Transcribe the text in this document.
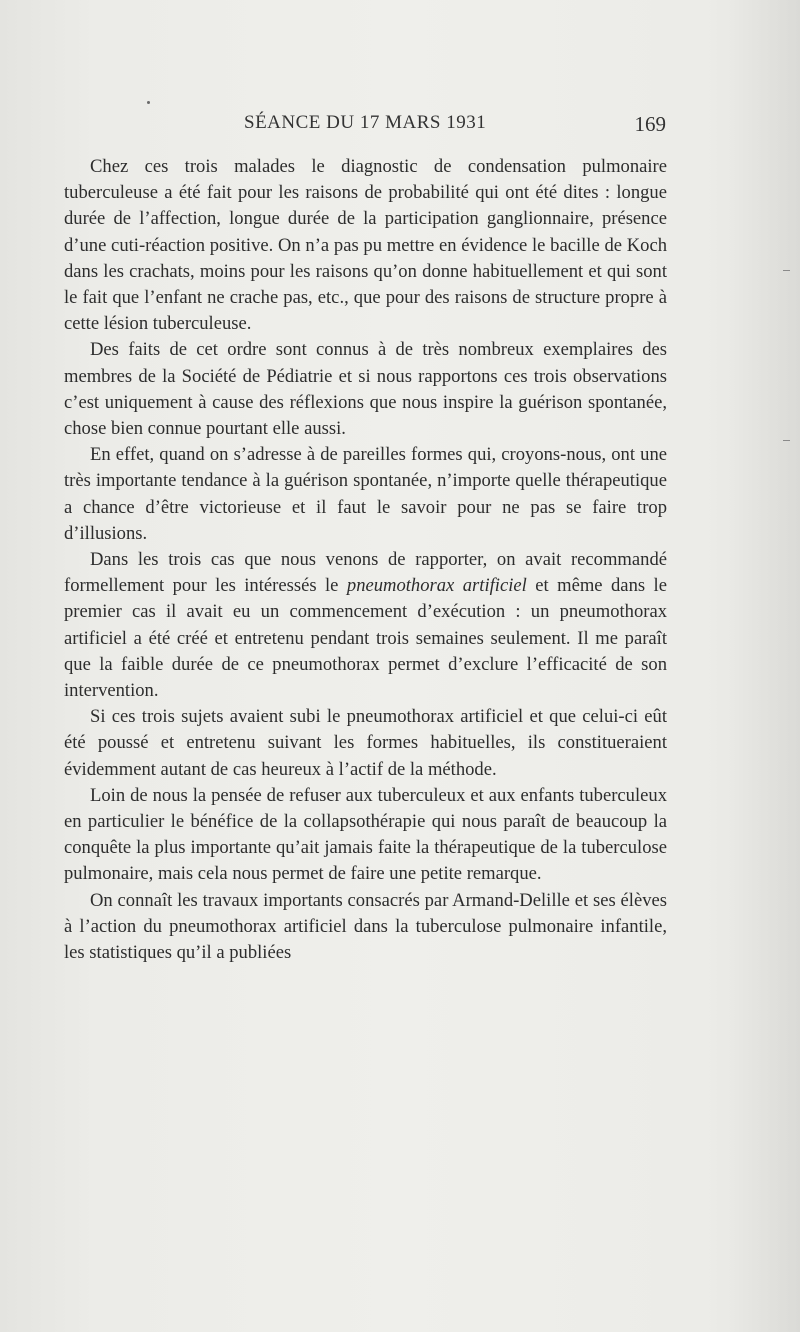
SÉANCE DU 17 MARS 1931	169

Chez ces trois malades le diagnostic de condensation pulmonaire tuberculeuse a été fait pour les raisons de probabilité qui ont été dites : longue durée de l’affection, longue durée de la participation ganglionnaire, présence d’une cuti-réaction positive. On n’a pas pu mettre en évidence le bacille de Koch dans les crachats, moins pour les raisons qu’on donne habituellement et qui sont le fait que l’enfant ne crache pas, etc., que pour des raisons de structure propre à cette lésion tuberculeuse.

Des faits de cet ordre sont connus à de très nombreux exemplaires des membres de la Société de Pédiatrie et si nous rapportons ces trois observations c’est uniquement à cause des réflexions que nous inspire la guérison spontanée, chose bien connue pourtant elle aussi.

En effet, quand on s’adresse à de pareilles formes qui, croyons-nous, ont une très importante tendance à la guérison spontanée, n’importe quelle thérapeutique a chance d’être victorieuse et il faut le savoir pour ne pas se faire trop d’illusions.

Dans les trois cas que nous venons de rapporter, on avait recommandé formellement pour les intéressés le pneumothorax artificiel et même dans le premier cas il avait eu un commencement d’exécution : un pneumothorax artificiel a été créé et entretenu pendant trois semaines seulement. Il me paraît que la faible durée de ce pneumothorax permet d’exclure l’efficacité de son intervention.

Si ces trois sujets avaient subi le pneumothorax artificiel et que celui-ci eût été poussé et entretenu suivant les formes habituelles, ils constitueraient évidemment autant de cas heureux à l’actif de la méthode.

Loin de nous la pensée de refuser aux tuberculeux et aux enfants tuberculeux en particulier le bénéfice de la collapsothérapie qui nous paraît de beaucoup la conquête la plus importante qu’ait jamais faite la thérapeutique de la tuberculose pulmonaire, mais cela nous permet de faire une petite remarque.

On connaît les travaux importants consacrés par Armand-Delille et ses élèves à l’action du pneumothorax artificiel dans la tuberculose pulmonaire infantile, les statistiques qu’il a publiées
